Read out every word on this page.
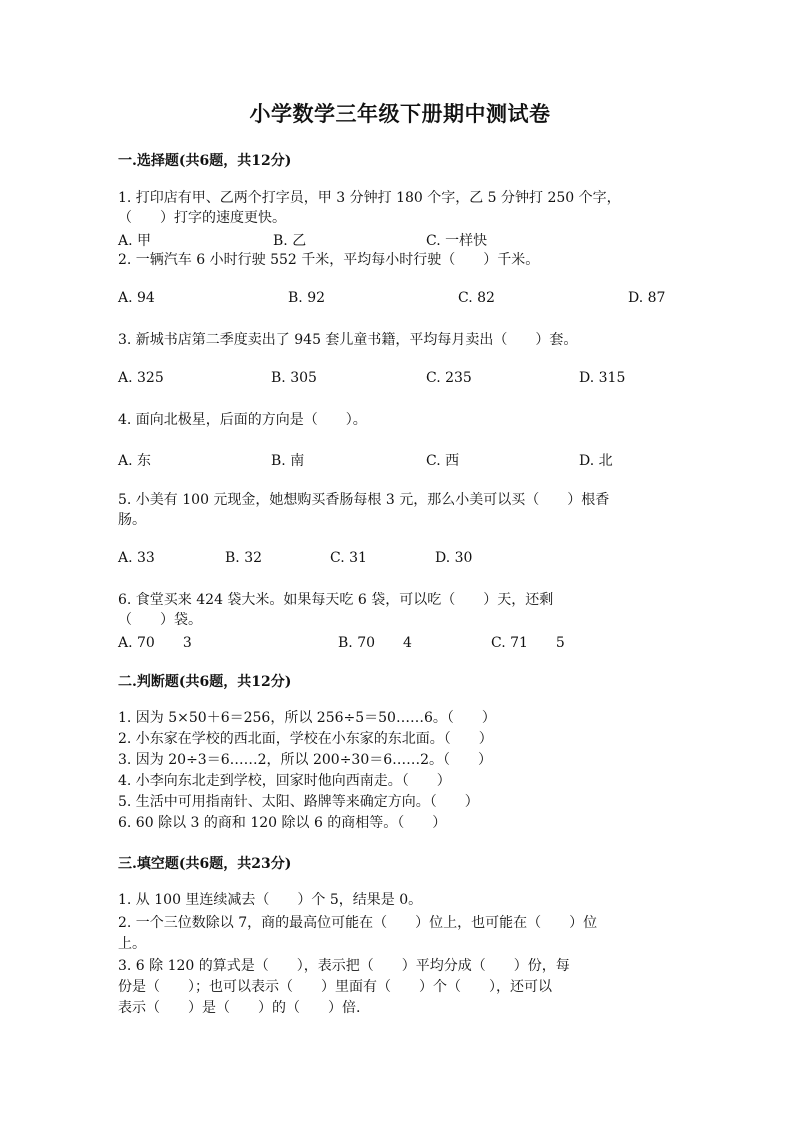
小学数学三年级下册期中测试卷
一.选择题(共6题，共12分)
1. 打印店有甲、乙两个打字员，甲 3 分钟打 180 个字，乙 5 分钟打 250 个字，
（　　）打字的速度更快。
A. 甲	B. 乙	C. 一样快
2. 一辆汽车 6 小时行驶 552 千米，平均每小时行驶（　　）千米。
A. 94	B. 92	C. 82	D. 87
3. 新城书店第二季度卖出了 945 套儿童书籍，平均每月卖出（　　）套。
A. 325	B. 305	C. 235	D. 315
4. 面向北极星，后面的方向是（　　）。
A. 东	B. 南	C. 西	D. 北
5. 小美有 100 元现金，她想购买香肠每根 3 元，那么小美可以买（　　）根香
肠。
A. 33	B. 32	C. 31	D. 30
6. 食堂买来 424 袋大米。如果每天吃 6 袋，可以吃（　　）天，还剩
（　　）袋。
A. 70　　3	B. 70　　4	C. 71　　5
二.判断题(共6题，共12分)
1. 因为 5×50＋6＝256，所以 256÷5＝50……6。（　　）
2. 小东家在学校的西北面，学校在小东家的东北面。（　　）
3. 因为 20÷3＝6……2，所以 200÷30＝6……2。（　　）
4. 小李向东北走到学校，回家时他向西南走。（　　）
5. 生活中可用指南针、太阳、路牌等来确定方向。（　　）
6. 60 除以 3 的商和 120 除以 6 的商相等。（　　）
三.填空题(共6题，共23分)
1. 从 100 里连续减去（　　）个 5，结果是 0。
2. 一个三位数除以 7，商的最高位可能在（　　）位上，也可能在（　　）位
上。
3. 6 除 120 的算式是（　　），表示把（　　）平均分成（　　）份，每
份是（　　）；也可以表示（　　）里面有（　　）个（　　），还可以
表示（　　）是（　　）的（　　）倍.
